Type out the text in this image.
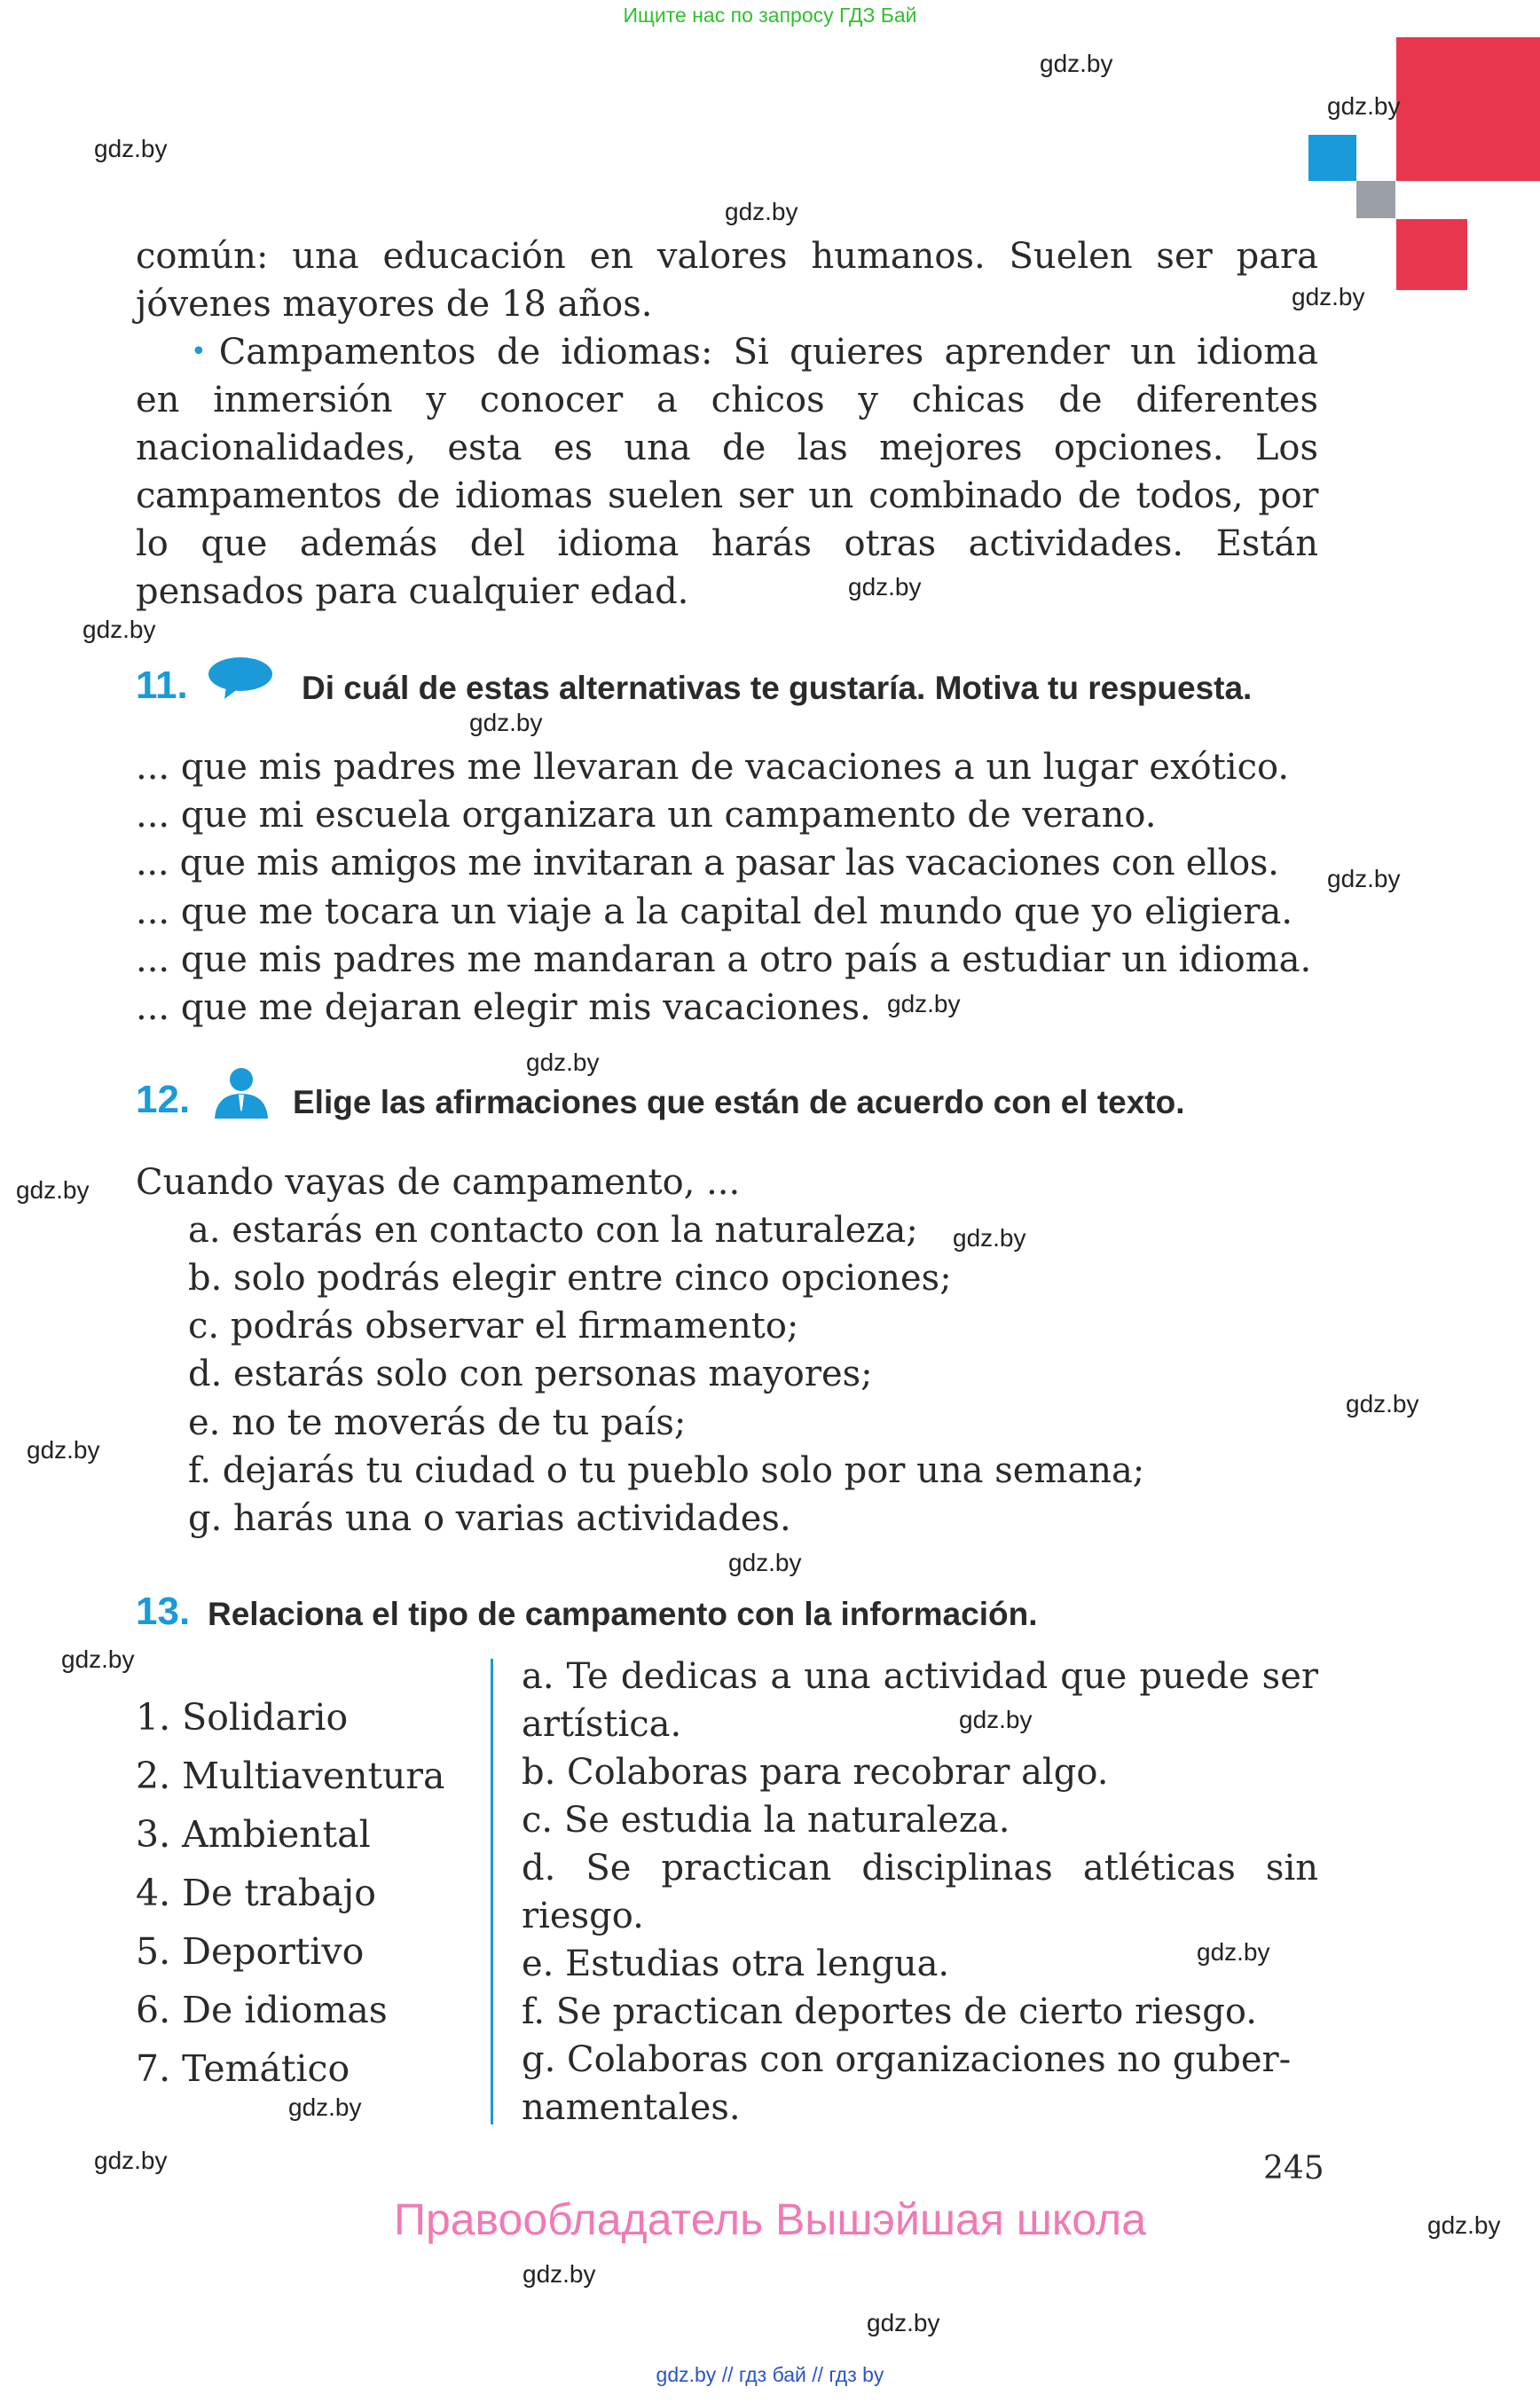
Ищите нас по запросу ГДЗ Бай
gdz.by
gdz.by
gdz.by
gdz.by
gdz.by
gdz.by
gdz.by
gdz.by
gdz.by
gdz.by
gdz.by
gdz.by
gdz.by
gdz.by
gdz.by
gdz.by
gdz.by
gdz.by
gdz.by
gdz.by
gdz.by
gdz.by
gdz.by
gdz.by
común: una educación en valores humanos. Suelen ser para
jóvenes mayores de 18 años.
• Campamentos de idiomas: Si quieres aprender un idioma
en inmersión y conocer a chicos y chicas de diferentes
nacionalidades, esta es una de las mejores opciones. Los
campamentos de idiomas suelen ser un combinado de todos, por
lo que además del idioma harás otras actividades. Están
pensados para cualquier edad.
11.	Di cuál de estas alternativas te gustaría. Motiva tu respuesta.
... que mis padres me llevaran de vacaciones a un lugar exótico.
... que mi escuela organizara un campamento de verano.
... que mis amigos me invitaran a pasar las vacaciones con ellos.
... que me tocara un viaje a la capital del mundo que yo eligiera.
... que mis padres me mandaran a otro país a estudiar un idioma.
... que me dejaran elegir mis vacaciones.
12.	Elige las afirmaciones que están de acuerdo con el texto.
Cuando vayas de campamento, ...
a. estarás en contacto con la naturaleza;
b. solo podrás elegir entre cinco opciones;
c. podrás observar el firmamento;
d. estarás solo con personas mayores;
e. no te moverás de tu país;
f. dejarás tu ciudad o tu pueblo solo por una semana;
g. harás una o varias actividades.
13. Relaciona el tipo de campamento con la información.
1. Solidario
2. Multiaventura
3. Ambiental
4. De trabajo
5. Deportivo
6. De idiomas
7. Temático
a. Te dedicas a una actividad que puede ser artística.
b. Colaboras para recobrar algo.
c. Se estudia la naturaleza.
d. Se practican disciplinas atléticas sin riesgo.
e. Estudias otra lengua.
f. Se practican deportes de cierto riesgo.
g. Colaboras con organizaciones no guber-namentales.
245
Правообладатель Вышэйшая школа
gdz.by // гдз бай // гдз by
